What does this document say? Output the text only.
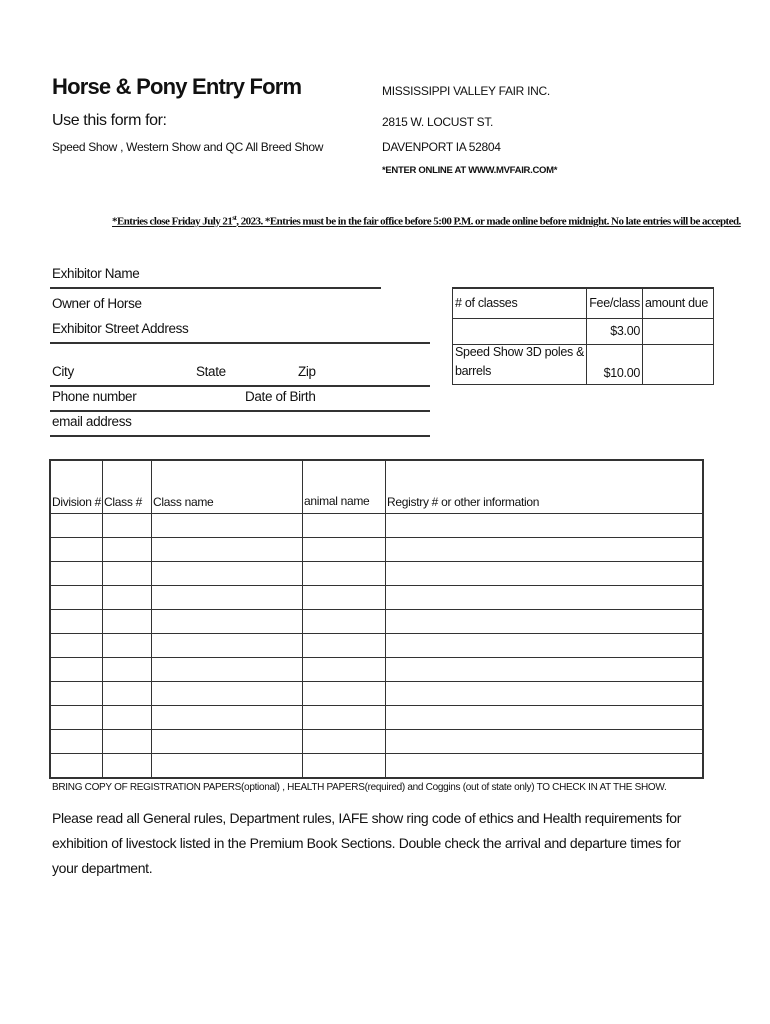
Horse & Pony Entry Form
Use this form for:
Speed Show , Western Show and QC All Breed Show
MISSISSIPPI VALLEY FAIR INC.
2815 W. LOCUST ST.
DAVENPORT IA 52804
*ENTER ONLINE AT WWW.MVFAIR.COM*
*Entries close Friday July 21st, 2023. *Entries must be in the fair office before 5:00 P.M. or made online before midnight. No late entries will be accepted.
Exhibitor Name
Owner of Horse
Exhibitor Street Address
City	State	Zip
Phone number	Date of Birth
email address
# of classes	Fee/class	amount due
	$3.00	

Speed Show 3D poles &
barrels	$10.00	
Division #	Class #	Class name	animal name	Registry # or other information

BRING COPY OF REGISTRATION PAPERS(optional) , HEALTH PAPERS(required) and Coggins (out of state only) TO CHECK IN AT THE SHOW.
Please read all General rules, Department rules, IAFE show ring code of ethics and Health requirements for exhibition of livestock listed in the Premium Book Sections. Double check the arrival and departure times for your department.
